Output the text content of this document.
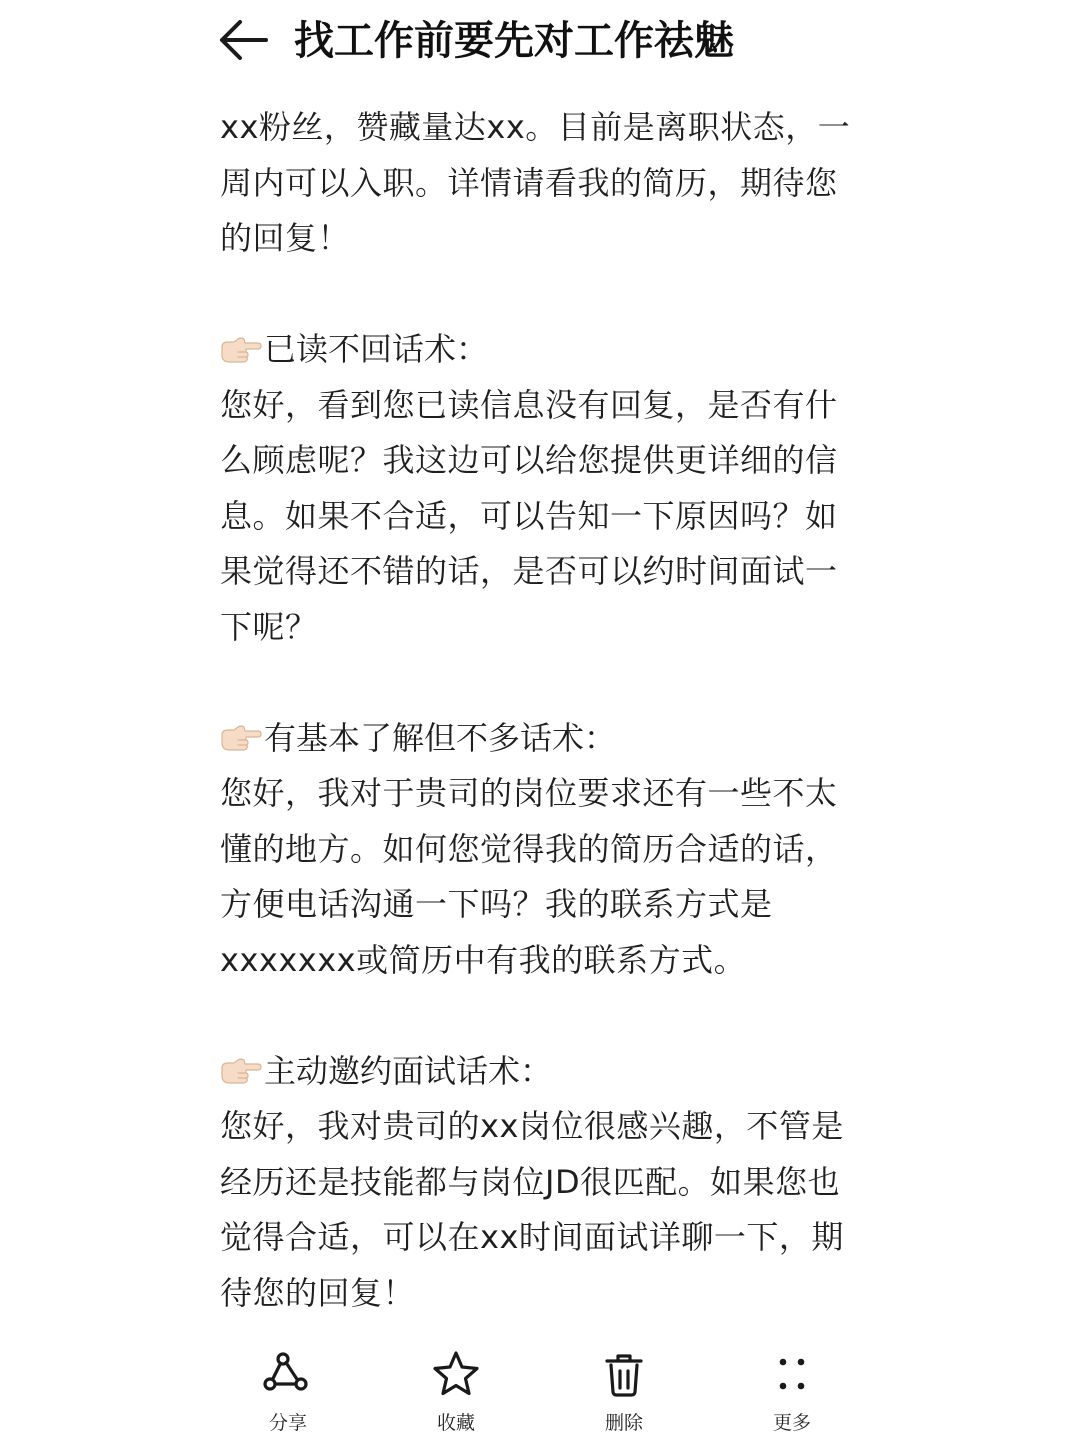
找工作前要先对工作祛魅

xx粉丝，赞藏量达xx。目前是离职状态，一

周内可以入职。详情请看我的简历，期待您

的回复！

已读不回话术：

您好，看到您已读信息没有回复，是否有什

么顾虑呢？我这边可以给您提供更详细的信

息。如果不合适，可以告知一下原因吗？如

果觉得还不错的话，是否可以约时间面试一

下呢？

有基本了解但不多话术：

您好，我对于贵司的岗位要求还有一些不太

懂的地方。如何您觉得我的简历合适的话，

方便电话沟通一下吗？我的联系方式是

xxxxxxx或简历中有我的联系方式。

主动邀约面试话术：

您好，我对贵司的xx岗位很感兴趣，不管是

经历还是技能都与岗位JD很匹配。如果您也

觉得合适，可以在xx时间面试详聊一下，期

待您的回复！

分享	收藏	删除	更多
